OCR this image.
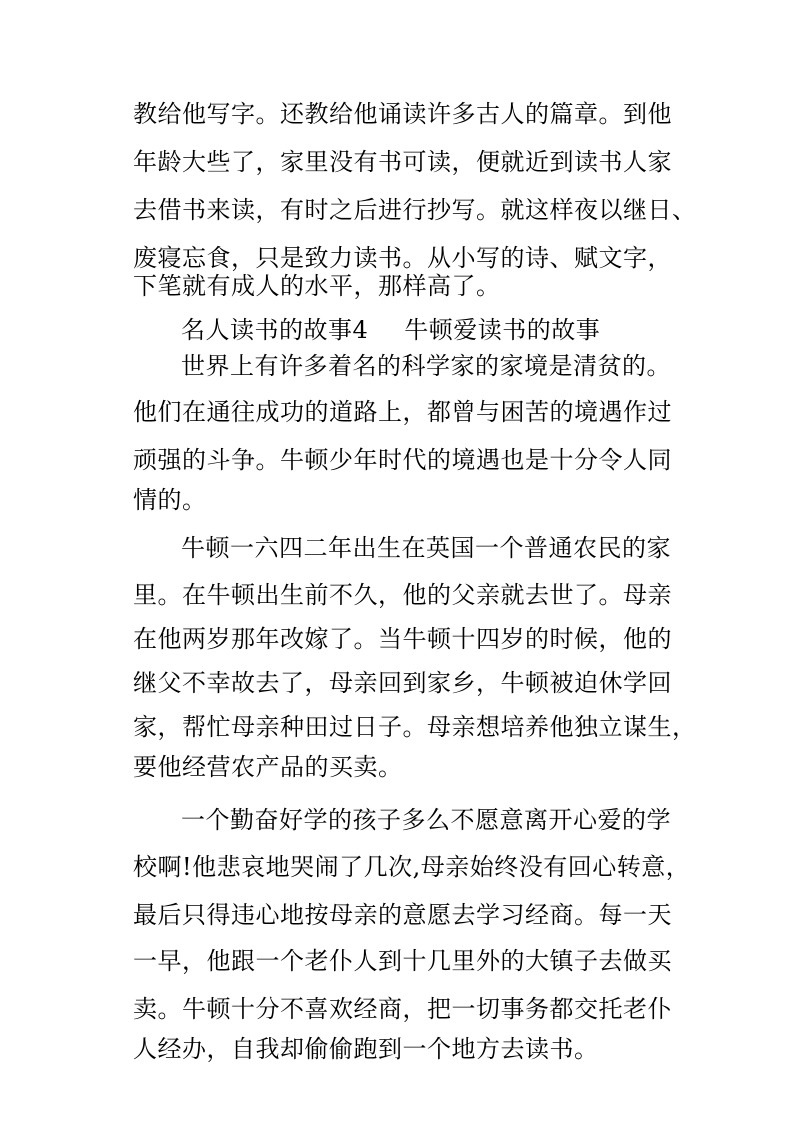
教给他写字。还教给他诵读许多古人的篇章。到他
年龄大些了，家里没有书可读，便就近到读书人家
去借书来读，有时之后进行抄写。就这样夜以继日、
废寝忘食，只是致力读书。从小写的诗、赋文字，
下笔就有成人的水平，那样高了。
名人读书的故事4 牛顿爱读书的故事
世界上有许多着名的科学家的家境是清贫的。
他们在通往成功的道路上，都曾与困苦的境遇作过
顽强的斗争。牛顿少年时代的境遇也是十分令人同
情的。
牛顿一六四二年出生在英国一个普通农民的家
里。在牛顿出生前不久，他的父亲就去世了。母亲
在他两岁那年改嫁了。当牛顿十四岁的时候，他的
继父不幸故去了，母亲回到家乡，牛顿被迫休学回
家，帮忙母亲种田过日子。母亲想培养他独立谋生，
要他经营农产品的买卖。
一个勤奋好学的孩子多么不愿意离开心爱的学
校啊!他悲哀地哭闹了几次,母亲始终没有回心转意，
最后只得违心地按母亲的意愿去学习经商。每一天
一早，他跟一个老仆人到十几里外的大镇子去做买
卖。牛顿十分不喜欢经商，把一切事务都交托老仆
人经办，自我却偷偷跑到一个地方去读书。
